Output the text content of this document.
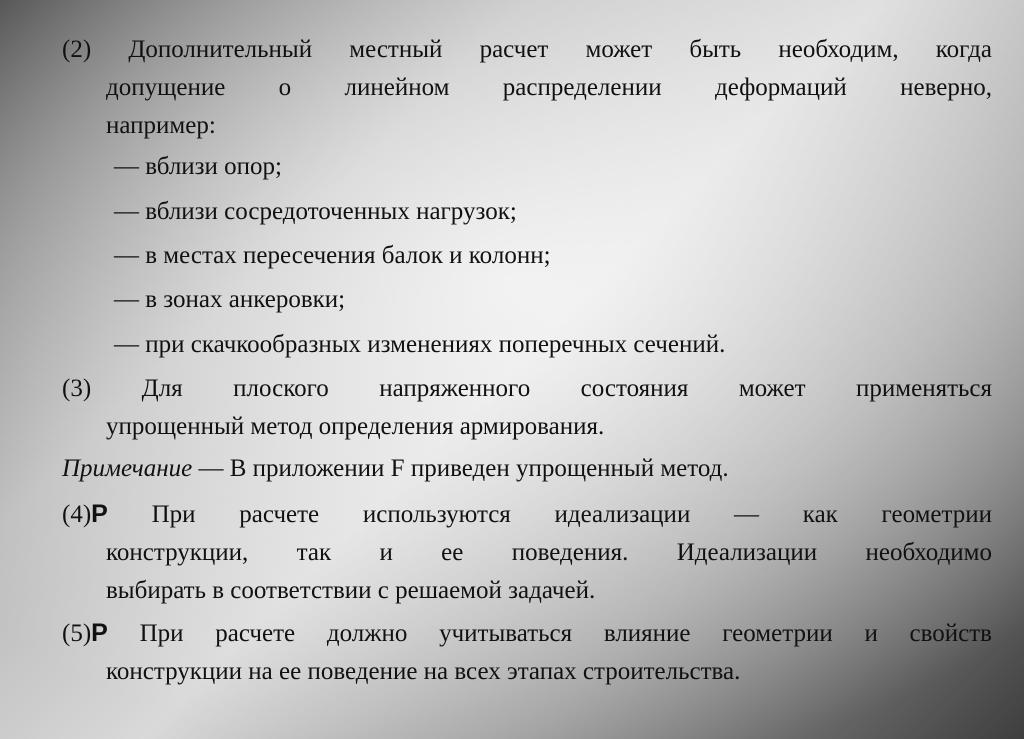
(2) Дополнительный местный расчет может быть необходим, когда
допущение о линейном распределении деформаций неверно,
например:
— вблизи опор;
— вблизи сосредоточенных нагрузок;
— в местах пересечения балок и колонн;
— в зонах анкеровки;
— при скачкообразных изменениях поперечных сечений.
(3) Для плоского напряженного состояния может применяться
упрощенный метод определения армирования.
Примечание — В приложении F приведен упрощенный метод.
(4)P При расчете используются идеализации — как геометрии
конструкции, так и ее поведения. Идеализации необходимо
выбирать в соответствии с решаемой задачей.
(5)P При расчете должно учитываться влияние геометрии и свойств
конструкции на ее поведение на всех этапах строительства.
